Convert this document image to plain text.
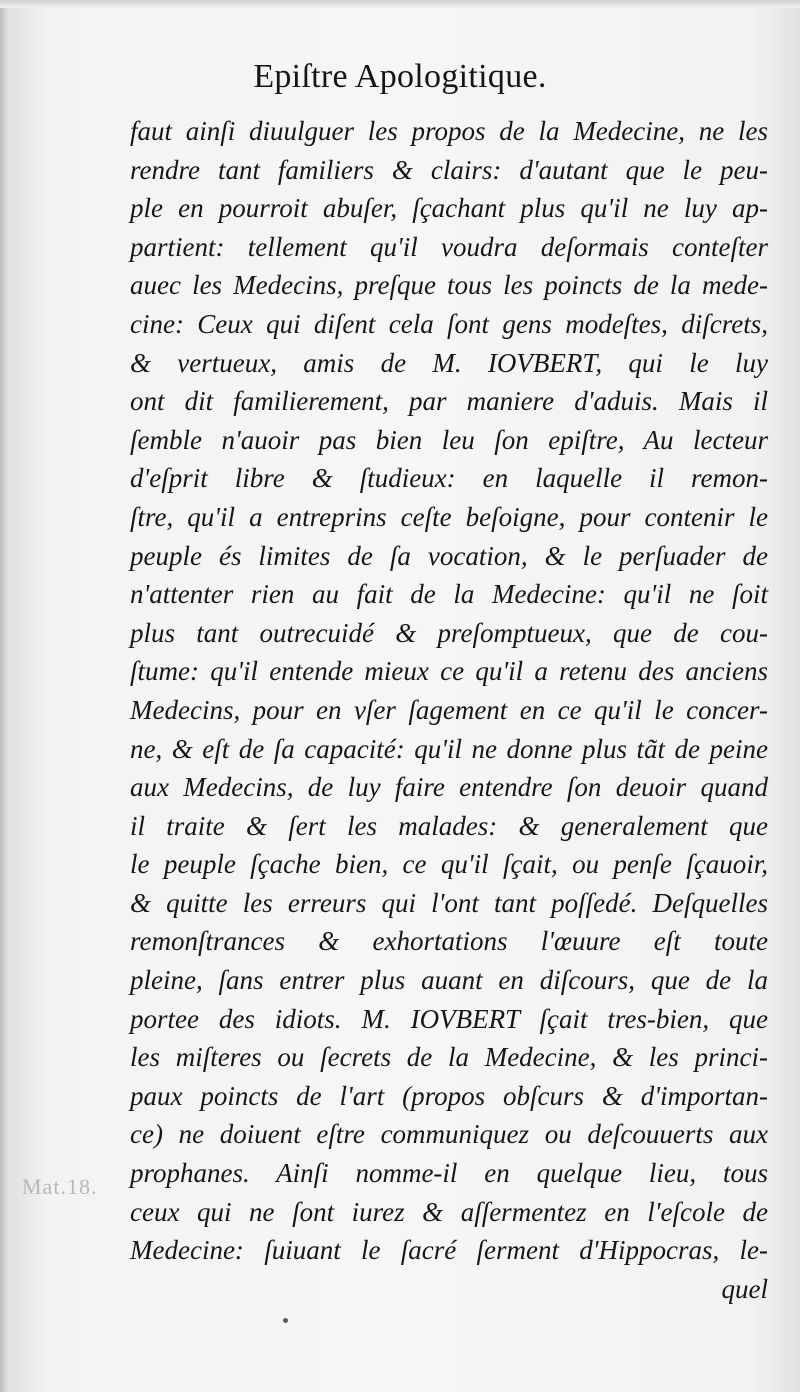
Epiſtre Apologitique.
faut ainſi diuulguer les propos de la Medecine, ne les
rendre tant familiers & clairs: d'autant que le peu-
ple en pourroit abuſer, ſçachant plus qu'il ne luy ap-
partient: tellement qu'il voudra deſormais conteſter
auec les Medecins, preſque tous les poincts de la mede-
cine: Ceux qui diſent cela ſont gens modeſtes, diſcrets,
& vertueux, amis de M. IOVBERT, qui le luy
ont dit familierement, par maniere d'aduis. Mais il
ſemble n'auoir pas bien leu ſon epiſtre, Au lecteur
d'eſprit libre & ſtudieux: en laquelle il remon-
ſtre, qu'il a entreprins ceſte beſoigne, pour contenir le
peuple és limites de ſa vocation, & le perſuader de
n'attenter rien au fait de la Medecine: qu'il ne ſoit
plus tant outrecuidé & preſomptueux, que de cou-
ſtume: qu'il entende mieux ce qu'il a retenu des anciens
Medecins, pour en vſer ſagement en ce qu'il le concer-
ne, & eſt de ſa capacité: qu'il ne donne plus tãt de peine
aux Medecins, de luy faire entendre ſon deuoir quand
il traite & ſert les malades: & generalement que
le peuple ſçache bien, ce qu'il ſçait, ou penſe ſçauoir,
& quitte les erreurs qui l'ont tant poſſedé. Deſquelles
remonſtrances & exhortations l'œuure eſt toute
pleine, ſans entrer plus auant en diſcours, que de la
portee des idiots. M. IOVBERT ſçait tres-bien, que
les miſteres ou ſecrets de la Medecine, & les princi-
paux poincts de l'art (propos obſcurs & d'importan-
ce) ne doiuent eſtre communiquez ou deſcouuerts aux
prophanes. Ainſi nomme-il en quelque lieu, tous
ceux qui ne ſont iurez & aſſermentez en l'eſcole de
Medecine: ſuiuant le ſacré ſerment d'Hippocras, le-
quel
Mat.18.
